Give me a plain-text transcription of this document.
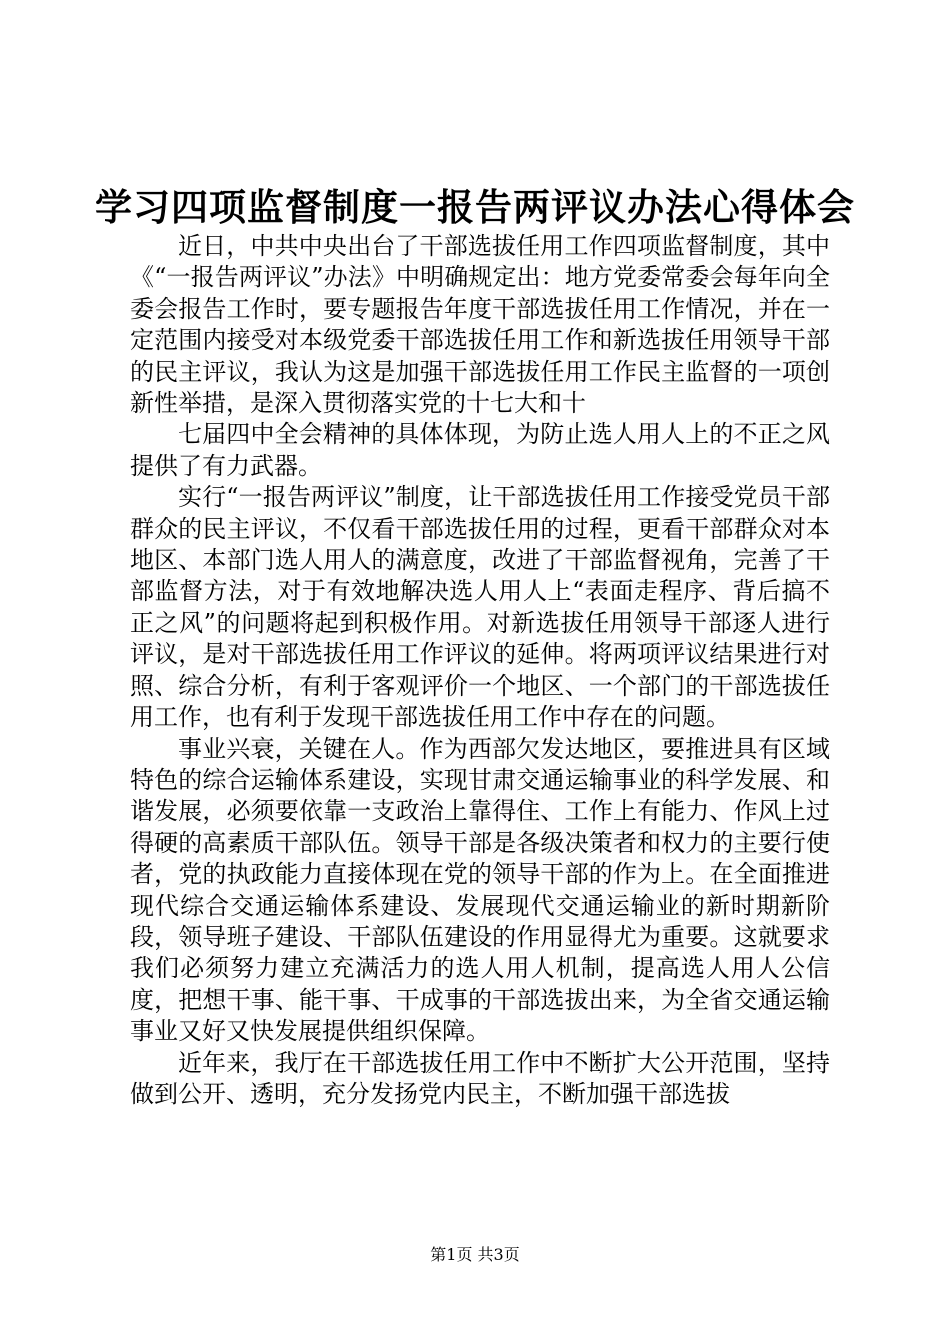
学习四项监督制度一报告两评议办法心得体会

近日，中共中央出台了干部选拔任用工作四项监督制度，其中《“一报告两评议”办法》中明确规定出：地方党委常委会每年向全委会报告工作时，要专题报告年度干部选拔任用工作情况，并在一定范围内接受对本级党委干部选拔任用工作和新选拔任用领导干部的民主评议，我认为这是加强干部选拔任用工作民主监督的一项创新性举措，是深入贯彻落实党的十七大和十

七届四中全会精神的具体体现，为防止选人用人上的不正之风提供了有力武器。

实行“一报告两评议”制度，让干部选拔任用工作接受党员干部群众的民主评议，不仅看干部选拔任用的过程，更看干部群众对本地区、本部门选人用人的满意度，改进了干部监督视角，完善了干部监督方法，对于有效地解决选人用人上“表面走程序、背后搞不正之风”的问题将起到积极作用。对新选拔任用领导干部逐人进行评议，是对干部选拔任用工作评议的延伸。将两项评议结果进行对照、综合分析，有利于客观评价一个地区、一个部门的干部选拔任用工作，也有利于发现干部选拔任用工作中存在的问题。

事业兴衰，关键在人。作为西部欠发达地区，要推进具有区域特色的综合运输体系建设，实现甘肃交通运输事业的科学发展、和谐发展，必须要依靠一支政治上靠得住、工作上有能力、作风上过得硬的高素质干部队伍。领导干部是各级决策者和权力的主要行使者，党的执政能力直接体现在党的领导干部的作为上。在全面推进现代综合交通运输体系建设、发展现代交通运输业的新时期新阶段，领导班子建设、干部队伍建设的作用显得尤为重要。这就要求我们必须努力建立充满活力的选人用人机制，提高选人用人公信度，把想干事、能干事、干成事的干部选拔出来，为全省交通运输事业又好又快发展提供组织保障。

近年来，我厅在干部选拔任用工作中不断扩大公开范围，坚持做到公开、透明，充分发扬党内民主，不断加强干部选拔

第1页 共3页
